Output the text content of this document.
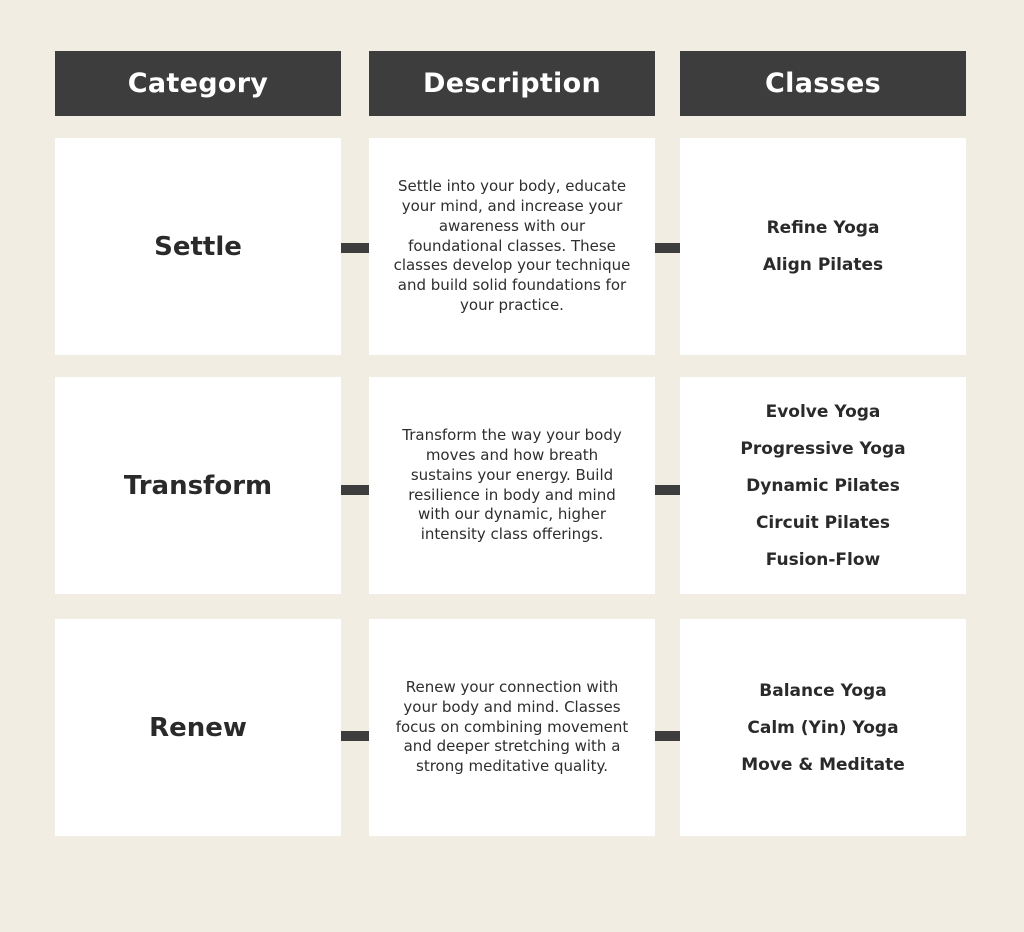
Category	Description	Classes
Settle
Settle into your body, educate your mind, and increase your awareness with our foundational classes. These classes develop your technique and build solid foundations for your practice.
Refine Yoga
Align Pilates
Transform
Transform the way your body moves and how breath sustains your energy. Build resilience in body and mind with our dynamic, higher intensity class offerings.
Evolve Yoga
Progressive Yoga
Dynamic Pilates
Circuit Pilates
Fusion-Flow
Renew
Renew your connection with your body and mind. Classes focus on combining movement and deeper stretching with a strong meditative quality.
Balance Yoga
Calm (Yin) Yoga
Move & Meditate
